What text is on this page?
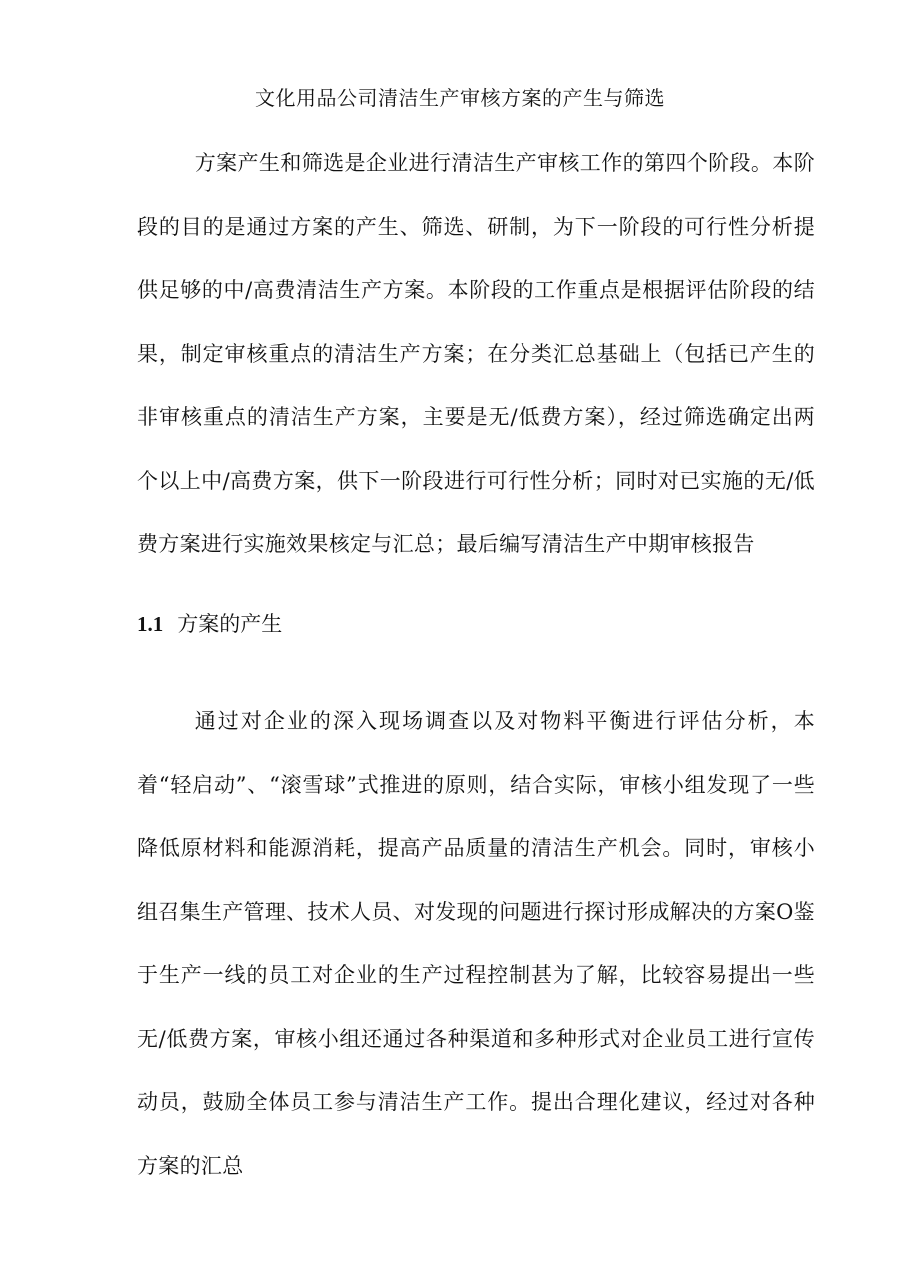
文化用品公司清洁生产审核方案的产生与筛选

方案产生和筛选是企业进行清洁生产审核工作的第四个阶段。本阶段的目的是通过方案的产生、筛选、研制，为下一阶段的可行性分析提供足够的中/高费清洁生产方案。本阶段的工作重点是根据评估阶段的结果，制定审核重点的清洁生产方案；在分类汇总基础上（包括已产生的非审核重点的清洁生产方案，主要是无/低费方案），经过筛选确定出两个以上中/高费方案，供下一阶段进行可行性分析；同时对已实施的无/低费方案进行实施效果核定与汇总；最后编写清洁生产中期审核报告

1.1 方案的产生

通过对企业的深入现场调查以及对物料平衡进行评估分析，本着“轻启动”、“滚雪球”式推进的原则，结合实际，审核小组发现了一些降低原材料和能源消耗，提高产品质量的清洁生产机会。同时，审核小组召集生产管理、技术人员、对发现的问题进行探讨形成解决的方案O鉴于生产一线的员工对企业的生产过程控制甚为了解，比较容易提出一些无/低费方案，审核小组还通过各种渠道和多种形式对企业员工进行宣传动员，鼓励全体员工参与清洁生产工作。提出合理化建议，经过对各种方案的汇总
